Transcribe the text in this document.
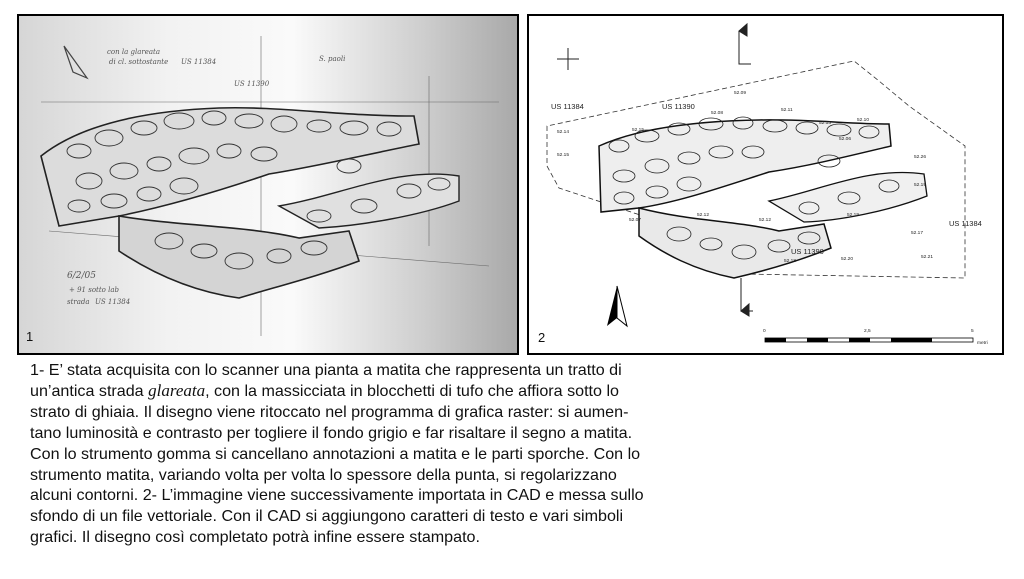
con la glareata
di cl. sottostante US 11384	S. paoli
US 11390
6/2/05
+ 91 sotto lab
strada US 11384
1
US 11384	US 11390
US 11384
US 11390
52.14
52.15
52.15
52.08
52.09
52.11
52.13
52.10
52.06
52.07
52.12
52.12
52.26
52.19
52.19
52.17
52.21
52.20
52.18
0	2,5	5
metri
2
1- E’ stata acquisita con lo scanner una pianta a matita che rappresenta un tratto di
un’antica strada glareata, con la massicciata in blocchetti di tufo che affiora sotto lo
strato di ghiaia. Il disegno viene ritoccato nel programma di grafica raster: si aumen-
tano luminosità e contrasto per togliere il fondo grigio e far risaltare il segno a matita.
Con lo strumento gomma si cancellano annotazioni a matita e le parti sporche. Con lo
strumento matita, variando volta per volta lo spessore della punta, si regolarizzano
alcuni contorni. 2- L’immagine viene successivamente importata in CAD e messa sullo
sfondo di un file vettoriale. Con il CAD si aggiungono caratteri di testo e vari simboli
grafici. Il disegno così completato potrà infine essere stampato.
